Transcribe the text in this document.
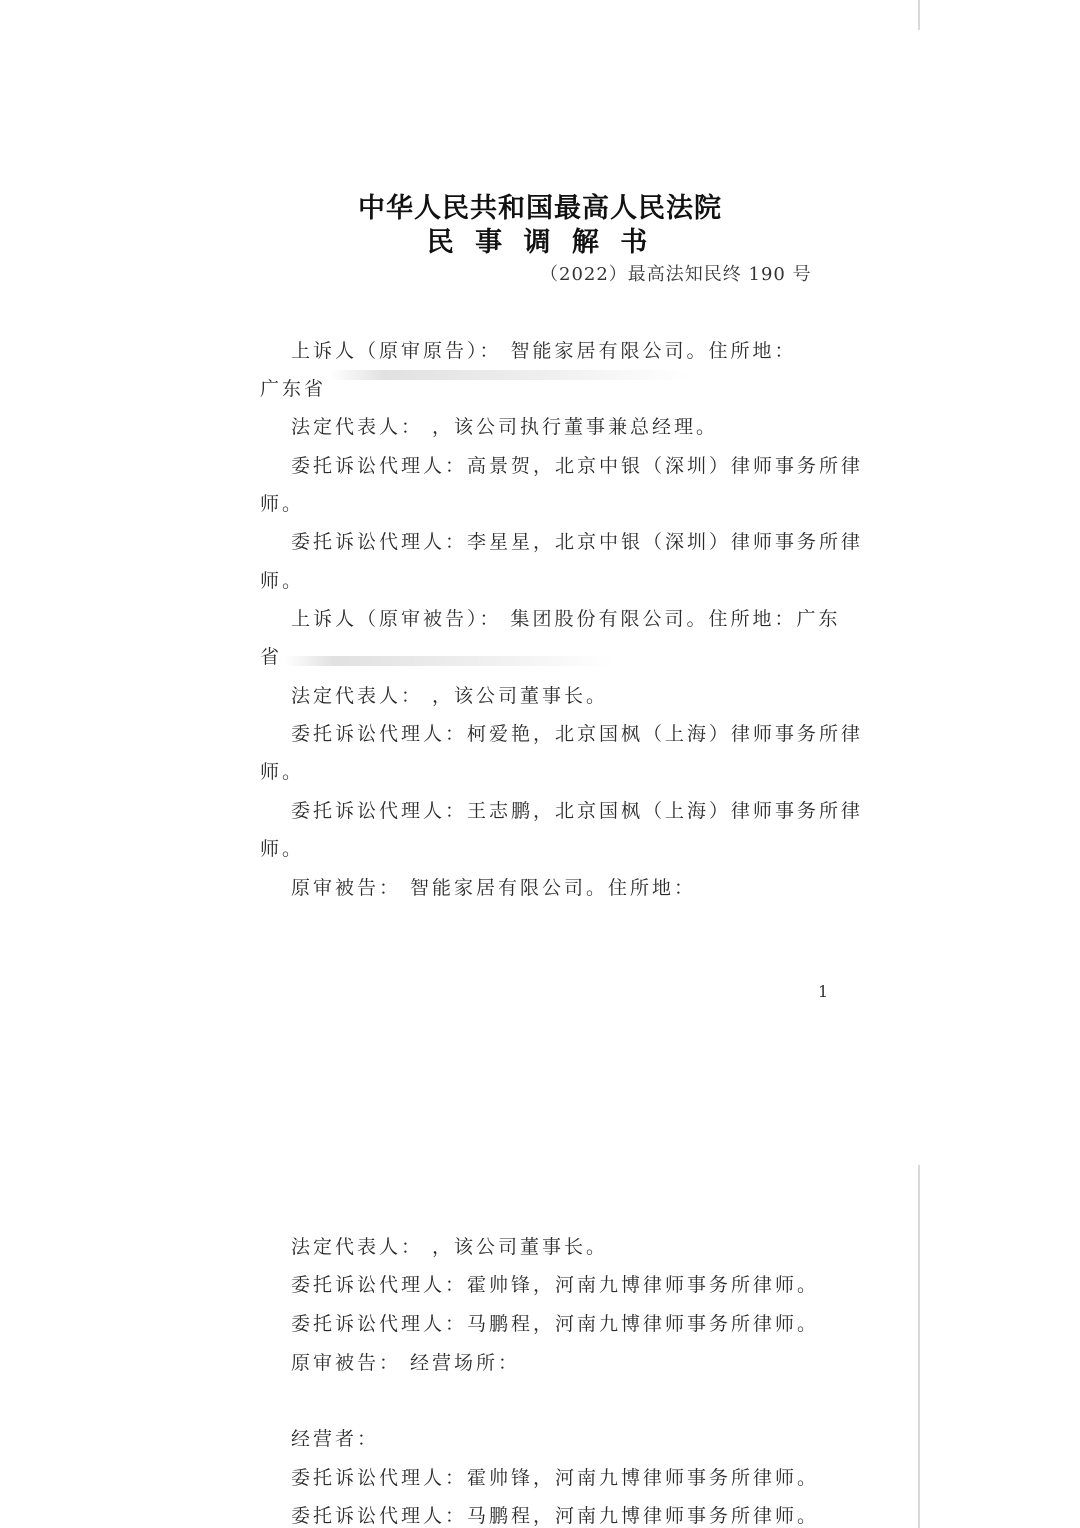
中华人民共和国最高人民法院
民 事 调 解 书
（2022）最高法知民终 190 号
上诉人（原审原告）： 智能家居有限公司。住所地：
广东省
法定代表人： ，该公司执行董事兼总经理。
委托诉讼代理人：高景贺，北京中银（深圳）律师事务所律
师。
委托诉讼代理人：李星星，北京中银（深圳）律师事务所律
师。
上诉人（原审被告）： 集团股份有限公司。住所地：广东
省
法定代表人： ，该公司董事长。
委托诉讼代理人：柯爱艳，北京国枫（上海）律师事务所律
师。
委托诉讼代理人：王志鹏，北京国枫（上海）律师事务所律
师。
原审被告： 智能家居有限公司。住所地：
1
法定代表人： ，该公司董事长。
委托诉讼代理人：霍帅锋，河南九博律师事务所律师。
委托诉讼代理人：马鹏程，河南九博律师事务所律师。
原审被告： 经营场所：
经营者：
委托诉讼代理人：霍帅锋，河南九博律师事务所律师。
委托诉讼代理人：马鹏程，河南九博律师事务所律师。
